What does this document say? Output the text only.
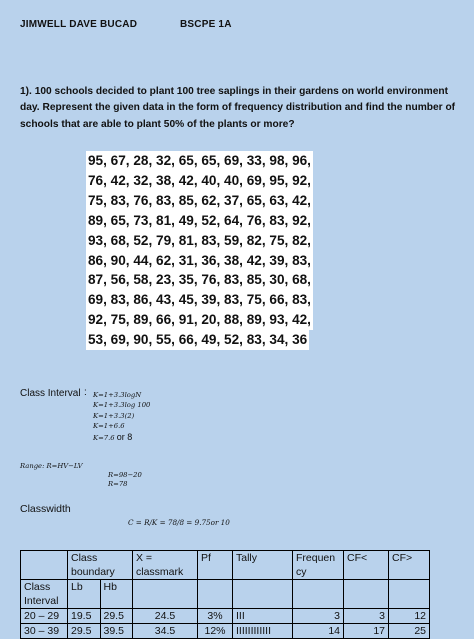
JIMWELL DAVE BUCAD	BSCPE 1A
1). 100 schools decided to plant 100 tree saplings in their gardens on world environment day. Represent the given data in the form of frequency distribution and find the number of schools that are able to plant 50% of the plants or more?
95, 67, 28, 32, 65, 65, 69, 33, 98, 96,
76, 42, 32, 38, 42, 40, 40, 69, 95, 92,
75, 83, 76, 83, 85, 62, 37, 65, 63, 42,
89, 65, 73, 81, 49, 52, 64, 76, 83, 92,
93, 68, 52, 79, 81, 83, 59, 82, 75, 82,
86, 90, 44, 62, 31, 36, 38, 42, 39, 83,
87, 56, 58, 23, 35, 76, 83, 85, 30, 68,
69, 83, 86, 43, 45, 39, 83, 75, 66, 83,
92, 75, 89, 66, 91, 20, 88, 89, 93, 42,
53, 69, 90, 55, 66, 49, 52, 83, 34, 36
Class Interval : K=1+3.3logN
K=1+3.3log 100
K=1+3.3(2)
K=1+6.6
K=7.6 or 8
Range: R=HV−LV
R=98−20
R=78
Classwidth
C = R/K = 78/8 = 9.75or 10
	Class boundary		X = classmark	Pf	Tally	Frequency	CF<	CF>

Class Interval	Lb	Hb						
20 – 29	19.5	29.5	24.5	3%	III	3	3	12
30 – 39	29.5	39.5	34.5	12%	IIIIIIIIIIII	14	17	25
